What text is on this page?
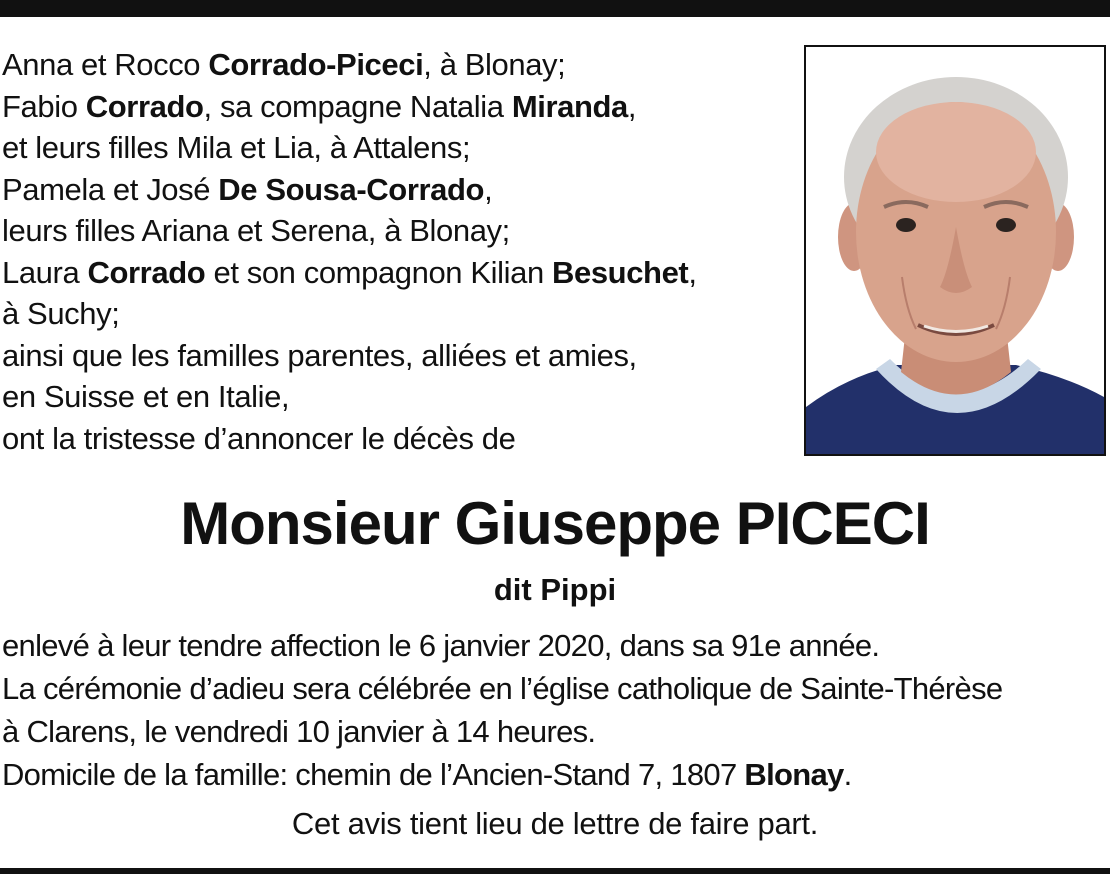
Anna et Rocco Corrado-Piceci, à Blonay;
Fabio Corrado, sa compagne Natalia Miranda,
et leurs filles Mila et Lia, à Attalens;
Pamela et José De Sousa-Corrado,
leurs filles Ariana et Serena, à Blonay;
Laura Corrado et son compagnon Kilian Besuchet,
à Suchy;
ainsi que les familles parentes, alliées et amies,
en Suisse et en Italie,
ont la tristesse d’annoncer le décès de
Monsieur Giuseppe PICECI
dit Pippi
enlevé à leur tendre affection le 6 janvier 2020, dans sa 91e année.
La cérémonie d’adieu sera célébrée en l’église catholique de Sainte-Thérèse
à Clarens, le vendredi 10 janvier à 14 heures.
Domicile de la famille: chemin de l’Ancien-Stand 7, 1807 Blonay.
Cet avis tient lieu de lettre de faire part.
